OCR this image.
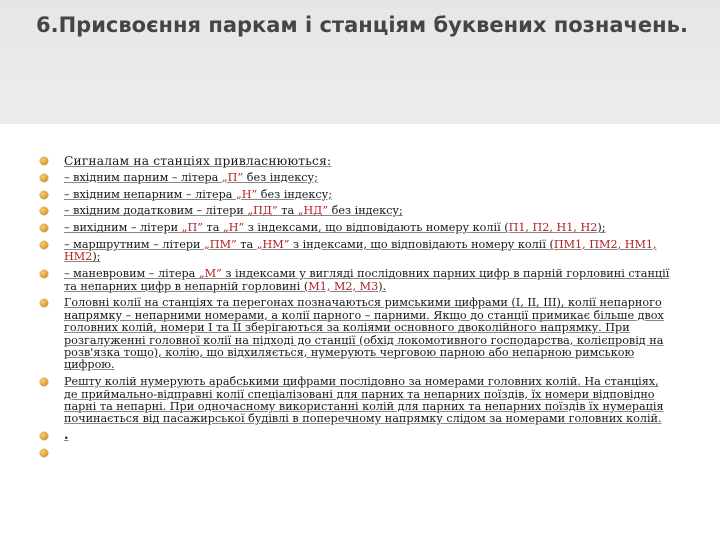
6.Присвоєння паркам і станціям буквених позначень.
Сигналам на станціях привласнюються:
– вхідним парним – літера „П” без індексу;
– вхідним непарним – літера „Н” без індексу;
– вхідним додатковим – літери „ПД” та „НД” без індексу;
– вихідним – літери „П” та „Н” з індексами, що відповідають номеру колії (П1, П2, Н1, Н2);
– маршрутним – літери „ПМ” та „НМ” з індексами, що відповідають номеру колії (ПМ1, ПМ2, НМ1, НМ2);
– маневровим – літера „М” з індексами у вигляді послідовних парних цифр в парній горловині станції та непарних цифр в непарній горловині (М1, М2, М3).
Головні колії на станціях та перегонах позначаються римськими цифрами (І, ІІ, ІІІ), колії непарного напрямку – непарними номерами, а колії парного – парними. Якщо до станції примикає більше двох головних колій, номери І та ІІ зберігаються за коліями основного двоколійного напрямку. При розгалуженні головної колії на підході до станції (обхід локомотивного господарства, колієпровід на розв'язка тощо), колію, що відхиляється, нумерують черговою парною або непарною римською цифрою.
Решту колій нумерують арабськими цифрами послідовно за номерами головних колій. На станціях, де приймально-відправні колії спеціалізовані для парних та непарних поїздів, їх номери відповідно парні та непарні. При одночасному використанні колій для парних та непарних поїздів їх нумерація починається від пасажирської будівлі в поперечному напрямку слідом за номерами головних колій.
.
